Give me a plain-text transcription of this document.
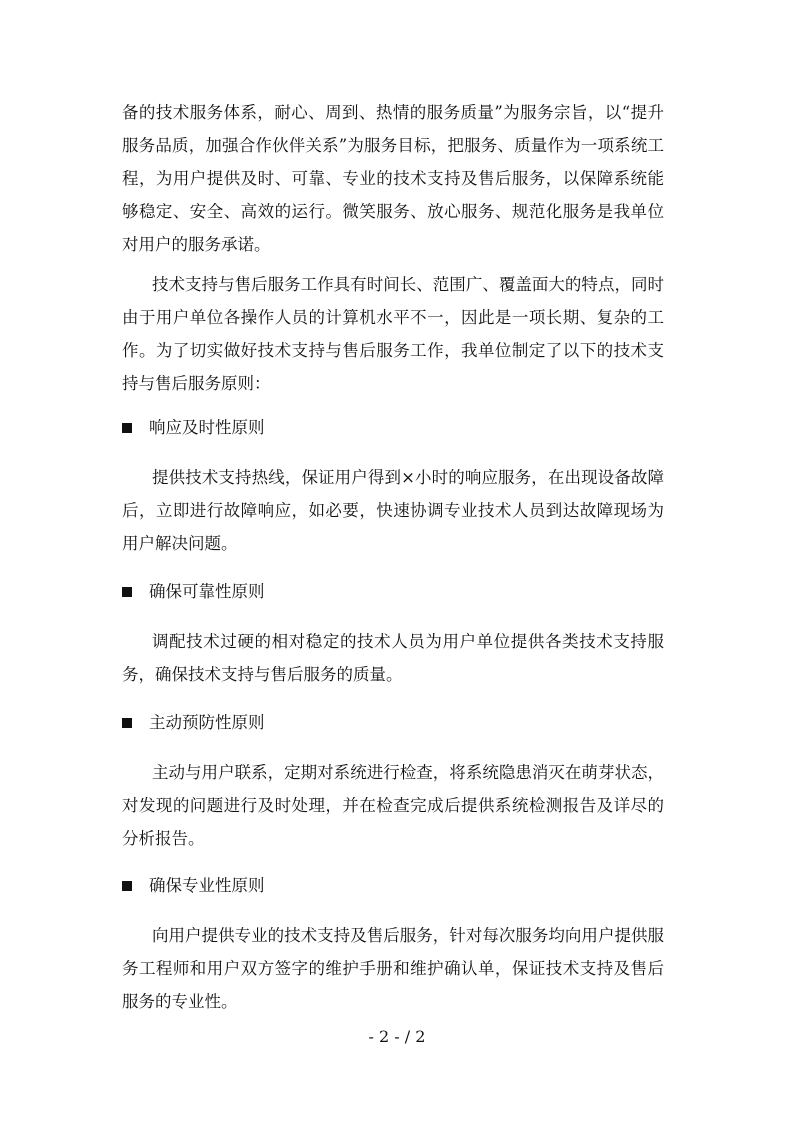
备的技术服务体系，耐心、周到、热情的服务质量”为服务宗旨，以“提升服务品质，加强合作伙伴关系”为服务目标，把服务、质量作为一项系统工程，为用户提供及时、可靠、专业的技术支持及售后服务，以保障系统能够稳定、安全、高效的运行。微笑服务、放心服务、规范化服务是我单位对用户的服务承诺。

技术支持与售后服务工作具有时间长、范围广、覆盖面大的特点，同时由于用户单位各操作人员的计算机水平不一，因此是一项长期、复杂的工作。为了切实做好技术支持与售后服务工作，我单位制定了以下的技术支持与售后服务原则：

响应及时性原则

提供技术支持热线，保证用户得到×小时的响应服务，在出现设备故障后，立即进行故障响应，如必要，快速协调专业技术人员到达故障现场为用户解决问题。

确保可靠性原则

调配技术过硬的相对稳定的技术人员为用户单位提供各类技术支持服务，确保技术支持与售后服务的质量。

主动预防性原则

主动与用户联系，定期对系统进行检查，将系统隐患消灭在萌芽状态，对发现的问题进行及时处理，并在检查完成后提供系统检测报告及详尽的分析报告。

确保专业性原则

向用户提供专业的技术支持及售后服务，针对每次服务均向用户提供服务工程师和用户双方签字的维护手册和维护确认单，保证技术支持及售后服务的专业性。

- 2 - / 2
